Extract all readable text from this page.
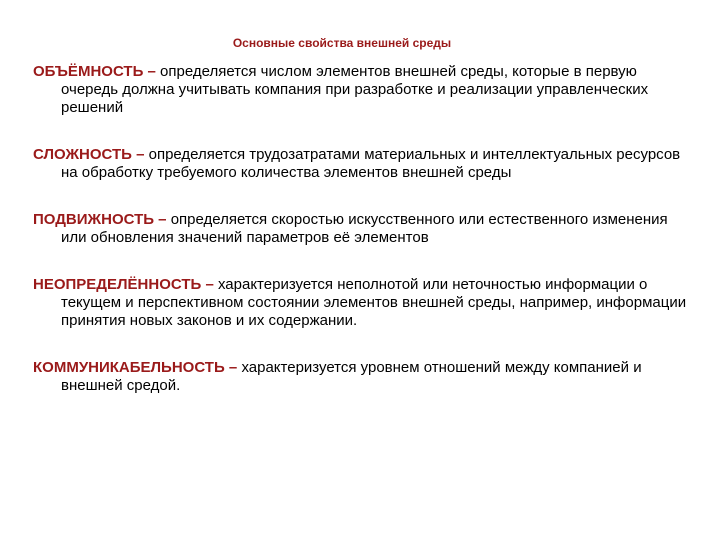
Основные свойства внешней среды

ОБЪЁМНОСТЬ – определяется числом элементов внешней среды, которые в первую очередь должна учитывать компания при разработке и реализации управленческих решений

СЛОЖНОСТЬ – определяется трудозатратами материальных и интеллектуальных ресурсов на обработку требуемого количества элементов внешней среды

ПОДВИЖНОСТЬ – определяется скоростью искусственного или естественного изменения или обновления значений параметров её элементов

НЕОПРЕДЕЛЁННОСТЬ – характеризуется неполнотой или неточностью информации о текущем и перспективном состоянии элементов внешней среды, например, информации принятия новых законов и их содержании.

КОММУНИКАБЕЛЬНОСТЬ – характеризуется уровнем отношений между компанией и внешней средой.
